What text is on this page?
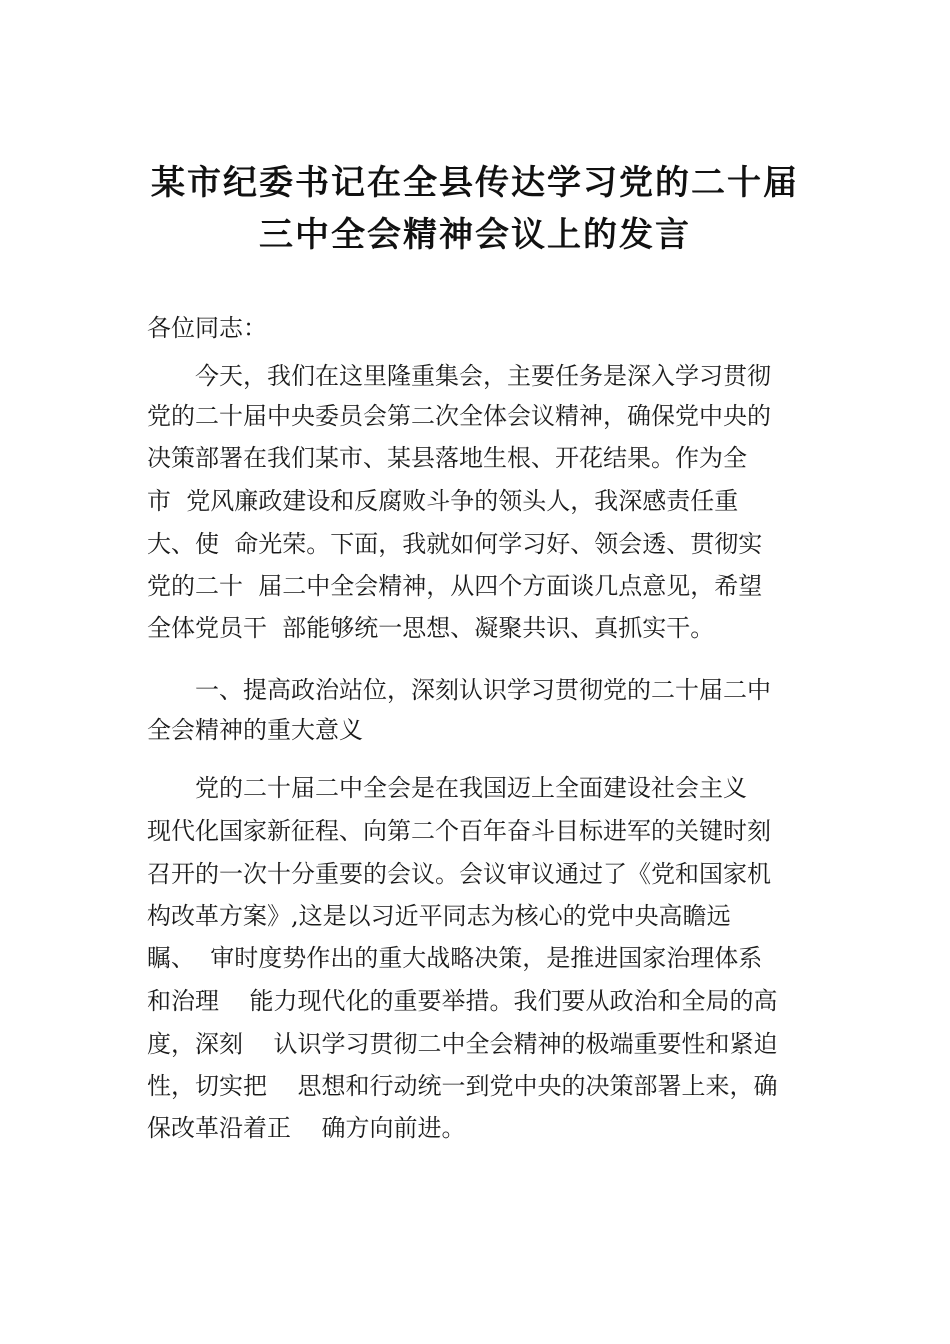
某市纪委书记在全县传达学习党的二十届
三中全会精神会议上的发言
各位同志：
今天，我们在这里隆重集会，主要任务是深入学习贯彻
党的二十届中央委员会第二次全体会议精神，确保党中央的
决策部署在我们某市、某县落地生根、开花结果。作为全
市  党风廉政建设和反腐败斗争的领头人，我深感责任重
大、使  命光荣。下面，我就如何学习好、领会透、贯彻实
党的二十  届二中全会精神，从四个方面谈几点意见，希望
全体党员干  部能够统一思想、凝聚共识、真抓实干。
一、提高政治站位，深刻认识学习贯彻党的二十届二中
全会精神的重大意义
党的二十届二中全会是在我国迈上全面建设社会主义
现代化国家新征程、向第二个百年奋斗目标进军的关键时刻
召开的一次十分重要的会议。会议审议通过了《党和国家机
构改革方案》,这是以习近平同志为核心的党中央高瞻远
瞩、  审时度势作出的重大战略决策，是推进国家治理体系
和治理    能力现代化的重要举措。我们要从政治和全局的高
度，深刻    认识学习贯彻二中全会精神的极端重要性和紧迫
性，切实把    思想和行动统一到党中央的决策部署上来，确
保改革沿着正    确方向前进。
